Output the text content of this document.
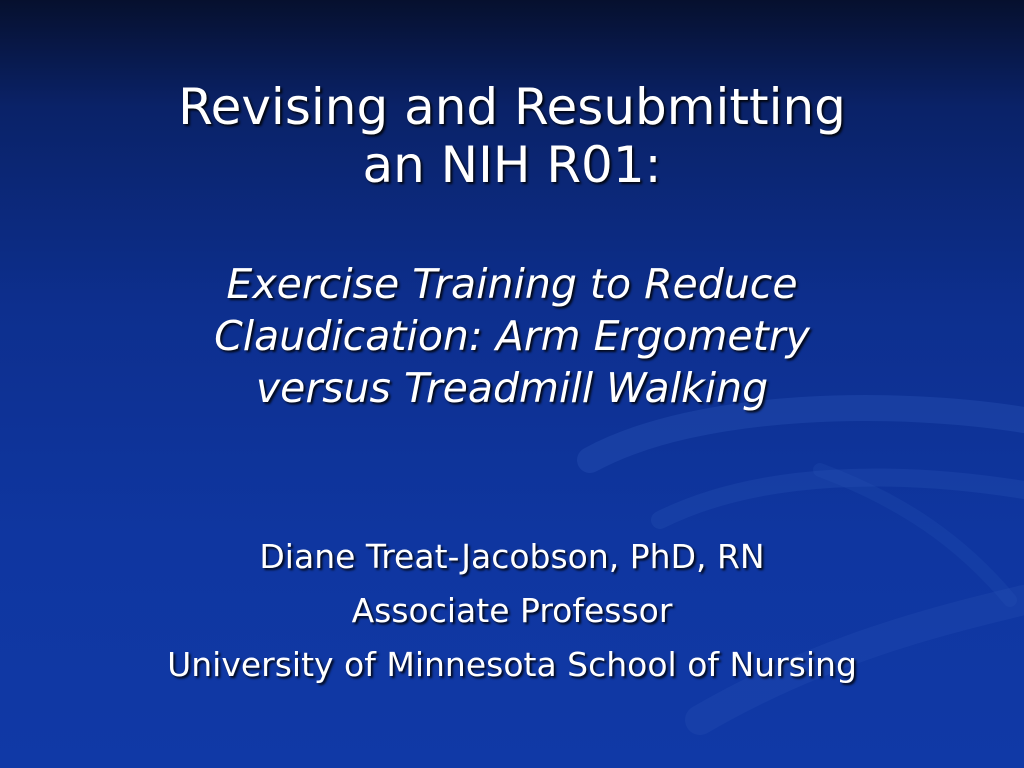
Revising and Resubmitting
an NIH R01:
Exercise Training to Reduce
Claudication: Arm Ergometry
versus Treadmill Walking
Diane Treat-Jacobson, PhD, RN
Associate Professor
University of Minnesota School of Nursing
